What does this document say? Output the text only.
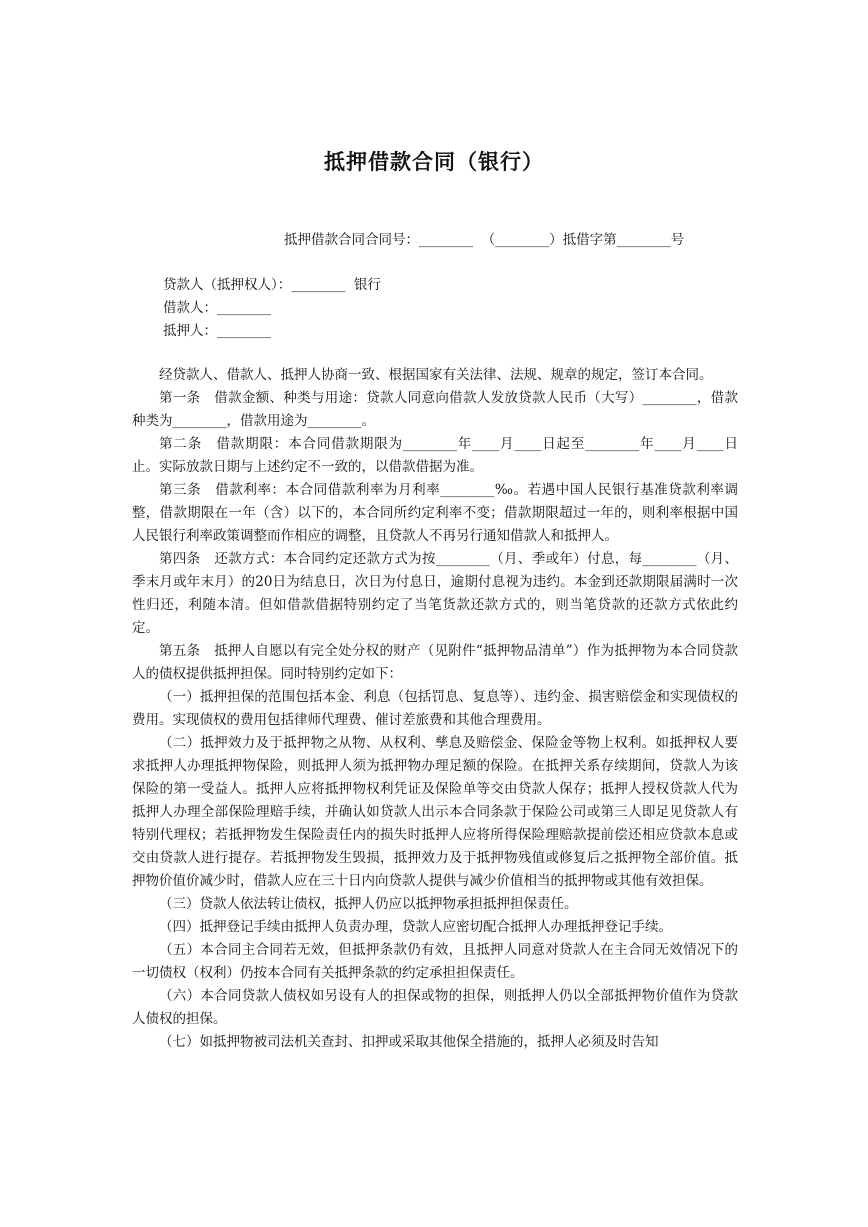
抵押借款合同（银行）
抵押借款合同合同号：________  （________）抵借字第________号
贷款人（抵押权人）：________  银行
借款人：________
抵押人：________

经贷款人、借款人、抵押人协商一致、根据国家有关法律、法规、规章的规定，签订本合同。

第一条　借款金额、种类与用途：贷款人同意向借款人发放贷款人民币（大写）________，借款种类为________，借款用途为________。

第二条　借款期限：本合同借款期限为________年____月____日起至________年____月____日止。实际放款日期与上述约定不一致的，以借款借据为准。

第三条　借款利率：本合同借款利率为月利率________‰。若遇中国人民银行基准贷款利率调整，借款期限在一年（含）以下的，本合同所约定利率不变；借款期限超过一年的，则利率根据中国人民银行利率政策调整而作相应的调整，且贷款人不再另行通知借款人和抵押人。

第四条　还款方式：本合同约定还款方式为按________（月、季或年）付息，每________（月、季末月或年末月）的20日为结息日，次日为付息日，逾期付息视为违约。本金到还款期限届满时一次性归还，利随本清。但如借款借据特别约定了当笔货款还款方式的，则当笔贷款的还款方式依此约定。

第五条　抵押人自愿以有完全处分权的财产（见附件“抵押物品清单”）作为抵押物为本合同贷款人的债权提供抵押担保。同时特别约定如下：

（一）抵押担保的范围包括本金、利息（包括罚息、复息等）、违约金、损害赔偿金和实现债权的费用。实现债权的费用包括律师代理费、催讨差旅费和其他合理费用。

（二）抵押效力及于抵押物之从物、从权利、孳息及赔偿金、保险金等物上权利。如抵押权人要求抵押人办理抵押物保险，则抵押人须为抵押物办理足额的保险。在抵押关系存续期间，贷款人为该保险的第一受益人。抵押人应将抵押物权利凭证及保险单等交由贷款人保存；抵押人授权贷款人代为抵押人办理全部保险理赔手续，并确认如贷款人出示本合同条款于保险公司或第三人即足见贷款人有特别代理权；若抵押物发生保险责任内的损失时抵押人应将所得保险理赔款提前偿还相应贷款本息或交由贷款人进行提存。若抵押物发生毁损，抵押效力及于抵押物残值或修复后之抵押物全部价值。抵押物价值价减少时，借款人应在三十日内向贷款人提供与减少价值相当的抵押物或其他有效担保。

（三）贷款人依法转让债权，抵押人仍应以抵押物承担抵押担保责任。

（四）抵押登记手续由抵押人负责办理，贷款人应密切配合抵押人办理抵押登记手续。

（五）本合同主合同若无效，但抵押条款仍有效，且抵押人同意对贷款人在主合同无效情况下的一切债权（权利）仍按本合同有关抵押条款的约定承担担保责任。

（六）本合同贷款人债权如另设有人的担保或物的担保，则抵押人仍以全部抵押物价值作为贷款人债权的担保。

（七）如抵押物被司法机关查封、扣押或采取其他保全措施的，抵押人必须及时告知
